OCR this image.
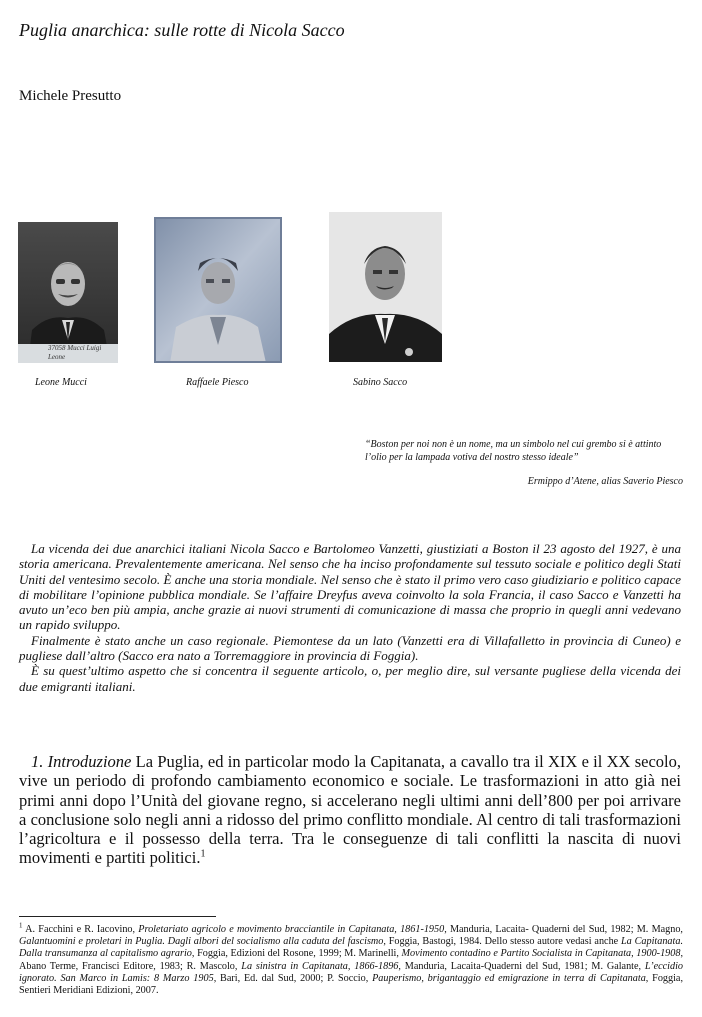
Puglia anarchica: sulle rotte di Nicola Sacco
Michele Presutto
37058 Mucci Luigi Leone
Leone Mucci	Raffaele Piesco	Sabino Sacco
“Boston per noi non è un nome, ma un simbolo nel cui grembo si è attinto l’olio per la lampada votiva del nostro stesso ideale”
Ermippo d’Atene, alias Saverio Piesco

La vicenda dei due anarchici italiani Nicola Sacco e Bartolomeo Vanzetti, giustiziati a Boston il 23 agosto del 1927, è una storia americana. Prevalentemente americana. Nel senso che ha inciso profondamente sul tessuto sociale e politico degli Stati Uniti del ventesimo secolo. È anche una storia mondiale. Nel senso che è stato il primo vero caso giudiziario e politico capace di mobilitare l’opinione pubblica mondiale. Se l’affaire Dreyfus aveva coinvolto la sola Francia, il caso Sacco e Vanzetti ha avuto un’eco ben più ampia, anche grazie ai nuovi strumenti di comunicazione di massa che proprio in quegli anni vedevano un rapido sviluppo.

Finalmente è stato anche un caso regionale. Piemontese da un lato (Vanzetti era di Villafalletto in provincia di Cuneo) e pugliese dall’altro (Sacco era nato a Torremaggiore in provincia di Foggia).

È su quest’ultimo aspetto che si concentra il seguente articolo, o, per meglio dire, sul versante pugliese della vicenda dei due emigranti italiani.

1. Introduzione La Puglia, ed in particolar modo la Capitanata, a cavallo tra il XIX e il XX secolo, vive un periodo di profondo cambiamento economico e sociale. Le trasformazioni in atto già nei primi anni dopo l’Unità del giovane regno, si accelerano negli ultimi anni dell’800 per poi arrivare a conclusione solo negli anni a ridosso del primo conflitto mondiale. Al centro di tali trasformazioni l’agricoltura e il possesso della terra. Tra le conseguenze di tali conflitti la nascita di nuovi movimenti e partiti politici.$^1$

$^1$ A. Facchini e R. Iacovino, Proletariato agricolo e movimento bracciantile in Capitanata, 1861-1950, Manduria, Lacaita- Quaderni del Sud, 1982; M. Magno, Galantuomini e proletari in Puglia. Dagli albori del socialismo alla caduta del fascismo, Foggia, Bastogi, 1984. Dello stesso autore vedasi anche La Capitanata. Dalla transumanza al capitalismo agrario, Foggia, Edizioni del Rosone, 1999; M. Marinelli, Movimento contadino e Partito Socialista in Capitanata, 1900-1908, Abano Terme, Francisci Editore, 1983; R. Mascolo, La sinistra in Capitanata, 1866-1896, Manduria, Lacaita-Quaderni del Sud, 1981; M. Galante, L’eccidio ignorato. San Marco in Lamis: 8 Marzo 1905, Bari, Ed. dal Sud, 2000; P. Soccio, Pauperismo, brigantaggio ed emigrazione in terra di Capitanata, Foggia, Sentieri Meridiani Edizioni, 2007.
